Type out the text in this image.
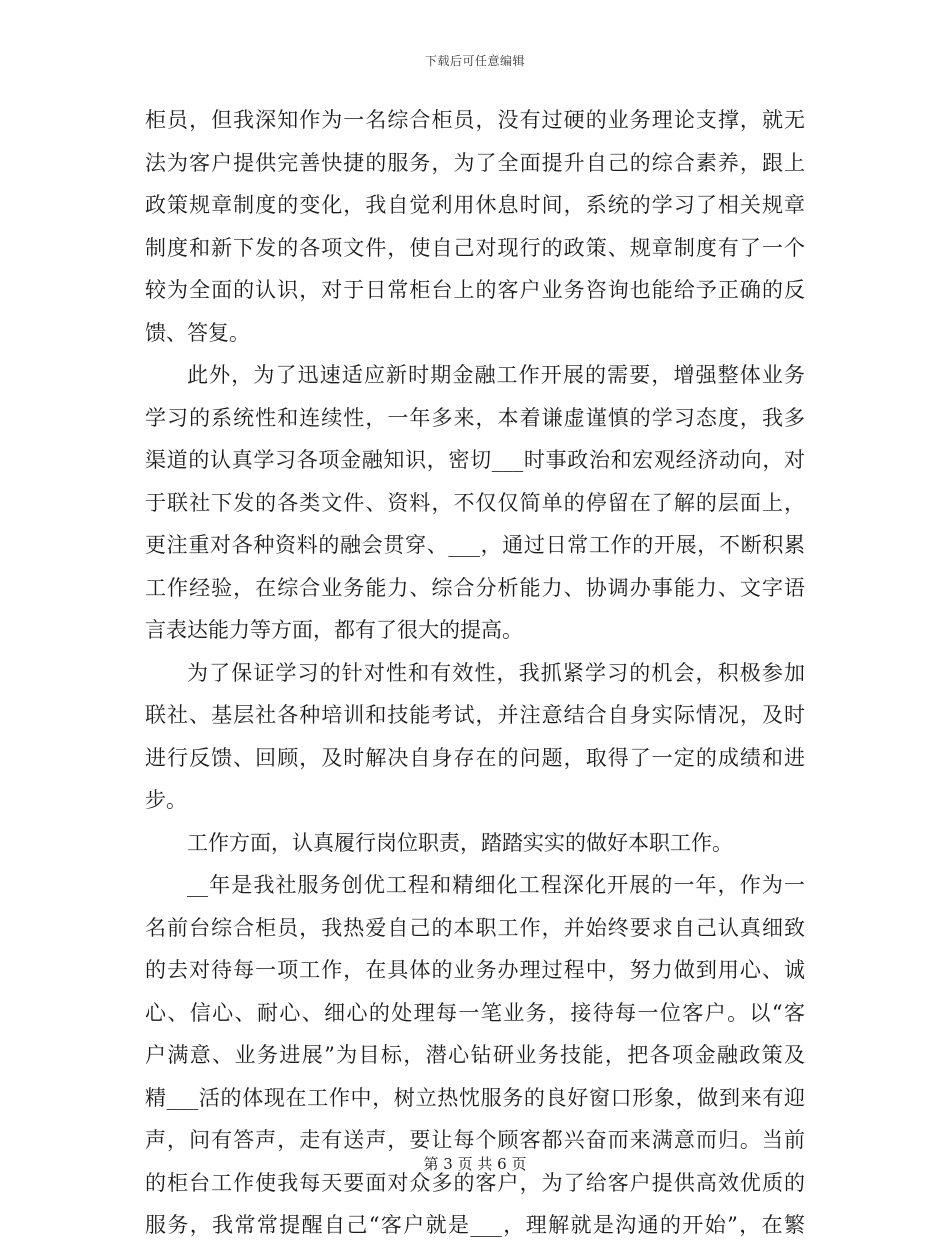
下载后可任意编辑
柜员，但我深知作为一名综合柜员，没有过硬的业务理论支撑，就无
法为客户提供完善快捷的服务，为了全面提升自己的综合素养，跟上
政策规章制度的变化，我自觉利用休息时间，系统的学习了相关规章
制度和新下发的各项文件，使自己对现行的政策、规章制度有了一个
较为全面的认识，对于日常柜台上的客户业务咨询也能给予正确的反
馈、答复。
此外，为了迅速适应新时期金融工作开展的需要，增强整体业务
学习的系统性和连续性，一年多来，本着谦虚谨慎的学习态度，我多
渠道的认真学习各项金融知识，密切___时事政治和宏观经济动向，对
于联社下发的各类文件、资料，不仅仅简单的停留在了解的层面上，
更注重对各种资料的融会贯穿、___，通过日常工作的开展，不断积累
工作经验，在综合业务能力、综合分析能力、协调办事能力、文字语
言表达能力等方面，都有了很大的提高。
为了保证学习的针对性和有效性，我抓紧学习的机会，积极参加
联社、基层社各种培训和技能考试，并注意结合自身实际情况，及时
进行反馈、回顾，及时解决自身存在的问题，取得了一定的成绩和进
步。
工作方面，认真履行岗位职责，踏踏实实的做好本职工作。
__年是我社服务创优工程和精细化工程深化开展的一年，作为一
名前台综合柜员，我热爱自己的本职工作，并始终要求自己认真细致
的去对待每一项工作，在具体的业务办理过程中，努力做到用心、诚
心、信心、耐心、细心的处理每一笔业务，接待每一位客户。以“客
户满意、业务进展”为目标，潜心钻研业务技能，把各项金融政策及
精___活的体现在工作中，树立热忱服务的良好窗口形象，做到来有迎
声，问有答声，走有送声，要让每个顾客都兴奋而来满意而归。当前
的柜台工作使我每天要面对众多的客户，为了给客户提供高效优质的
服务，我常常提醒自己“客户就是___，理解就是沟通的开始”，在繁
第 3 页 共 6 页
